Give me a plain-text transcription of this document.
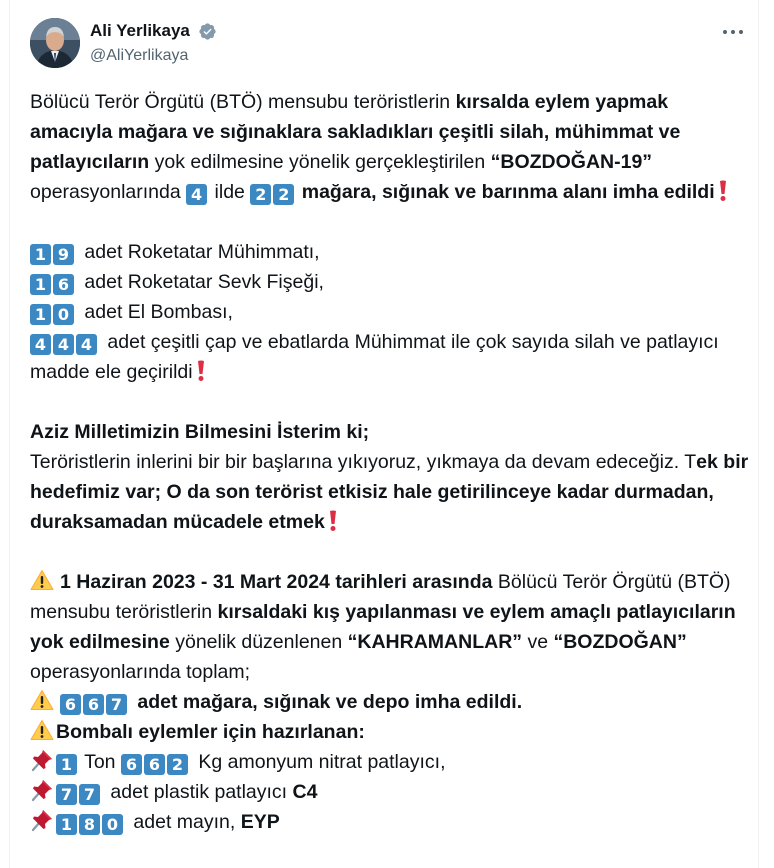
Ali Yerlikaya
@AliYerlikaya

Bölücü Terör Örgütü (BTÖ) mensubu teröristlerin kırsalda eylem yapmak amacıyla mağara ve sığınaklara sakladıkları çeşitli silah, mühimmat ve patlayıcıların yok edilmesine yönelik gerçekleştirilen “BOZDOĞAN-19” operasyonlarında 4 ilde 2 2 mağara, sığınak ve barınma alanı imha edildi

1 9 adet Roketatar Mühimmatı,

1 6 adet Roketatar Sevk Fişeği,

1 0 adet El Bombası,

4 4 4 adet çeşitli çap ve ebatlarda Mühimmat ile çok sayıda silah ve patlayıcı madde ele geçirildi

Aziz Milletimizin Bilmesini İsterim ki;
Teröristlerin inlerini bir bir başlarına yıkıyoruz, yıkmaya da devam edeceğiz. Tek bir hedefimiz var; O da son terörist etkisiz hale getirilinceye kadar durmadan, duraksamadan mücadele etmek

1 Haziran 2023 - 31 Mart 2024 tarihleri arasında Bölücü Terör Örgütü (BTÖ) mensubu teröristlerin kırsaldaki kış yapılanması ve eylem amaçlı patlayıcıların yok edilmesine yönelik düzenlenen “KAHRAMANLAR” ve “BOZDOĞAN” operasyonlarında toplam;

6 6 7 adet mağara, sığınak ve depo imha edildi.

Bombalı eylemler için hazırlanan:

1 Ton 6 6 2 Kg amonyum nitrat patlayıcı,

7 7 adet plastik patlayıcı C4

1 8 0 adet mayın, EYP
